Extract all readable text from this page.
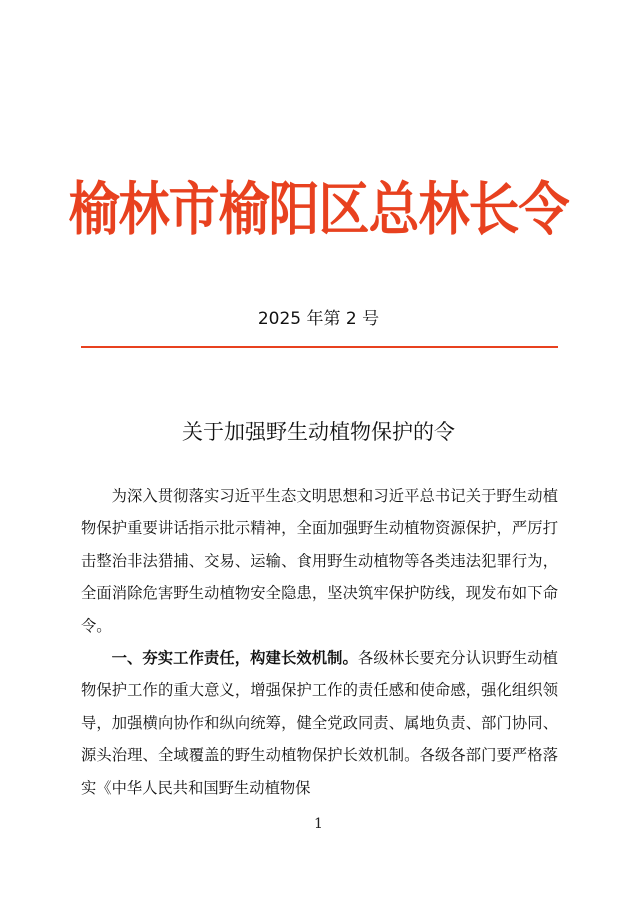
榆林市榆阳区总林长令
2025 年第 2 号
关于加强野生动植物保护的令

为深入贯彻落实习近平生态文明思想和习近平总书记关于野生动植物保护重要讲话指示批示精神，全面加强野生动植物资源保护，严厉打击整治非法猎捕、交易、运输、食用野生动植物等各类违法犯罪行为，全面消除危害野生动植物安全隐患，坚决筑牢保护防线，现发布如下命令。

一、夯实工作责任，构建长效机制。各级林长要充分认识野生动植物保护工作的重大意义，增强保护工作的责任感和使命感，强化组织领导，加强横向协作和纵向统筹，健全党政同责、属地负责、部门协同、源头治理、全域覆盖的野生动植物保护长效机制。各级各部门要严格落实《中华人民共和国野生动植物保

1
